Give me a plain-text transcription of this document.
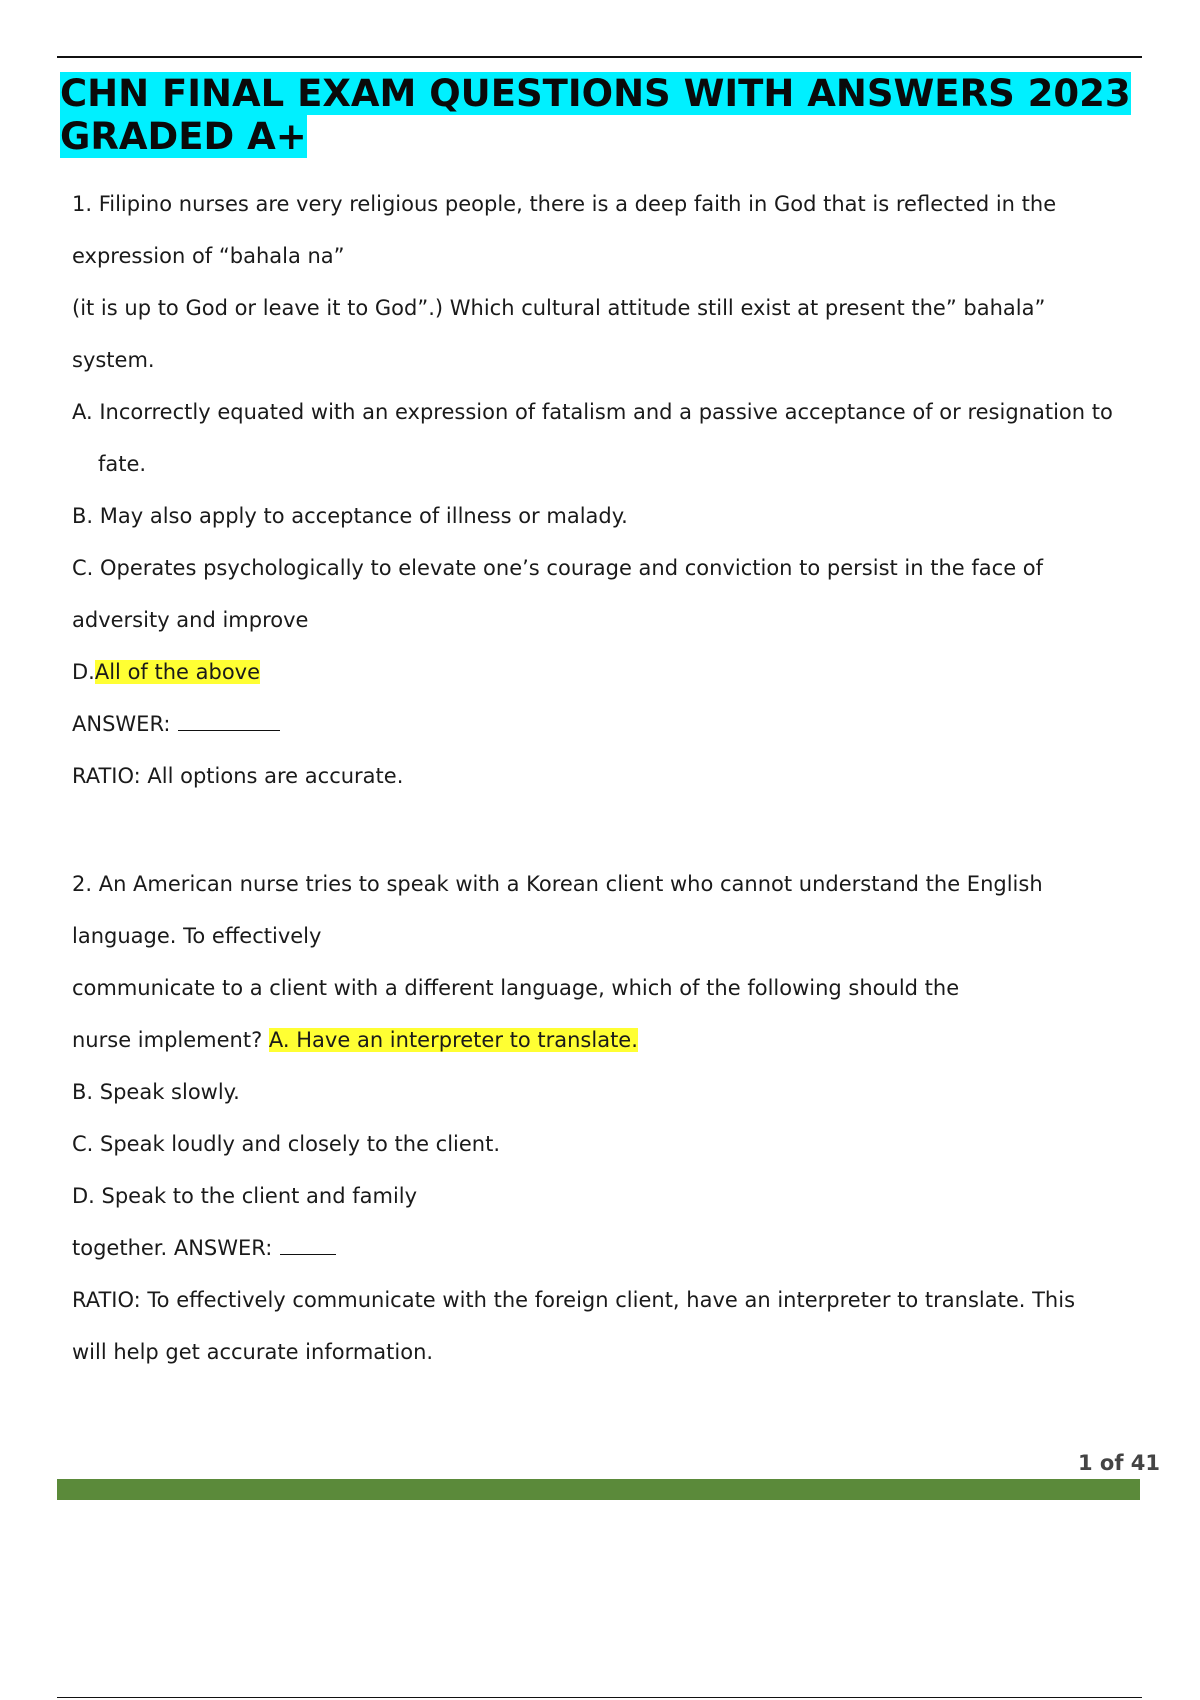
CHN FINAL EXAM QUESTIONS WITH ANSWERS 2023 GRADED A+
1. Filipino nurses are very religious people, there is a deep faith in God that is reflected in the
expression of “bahala na”
(it is up to God or leave it to God”.) Which cultural attitude still exist at present the” bahala”
system.
A. Incorrectly equated with an expression of fatalism and a passive acceptance of or resignation to
fate.
B. May also apply to acceptance of illness or malady.
C. Operates psychologically to elevate one’s courage and conviction to persist in the face of
adversity and improve
D.All of the above
ANSWER:
RATIO: All options are accurate.
2. An American nurse tries to speak with a Korean client who cannot understand the English
language. To effectively
communicate to a client with a different language, which of the following should the
nurse implement? A. Have an interpreter to translate.
B. Speak slowly.
C. Speak loudly and closely to the client.
D. Speak to the client and family
together. ANSWER:
RATIO: To effectively communicate with the foreign client, have an interpreter to translate. This
will help get accurate information.
1 of 41
